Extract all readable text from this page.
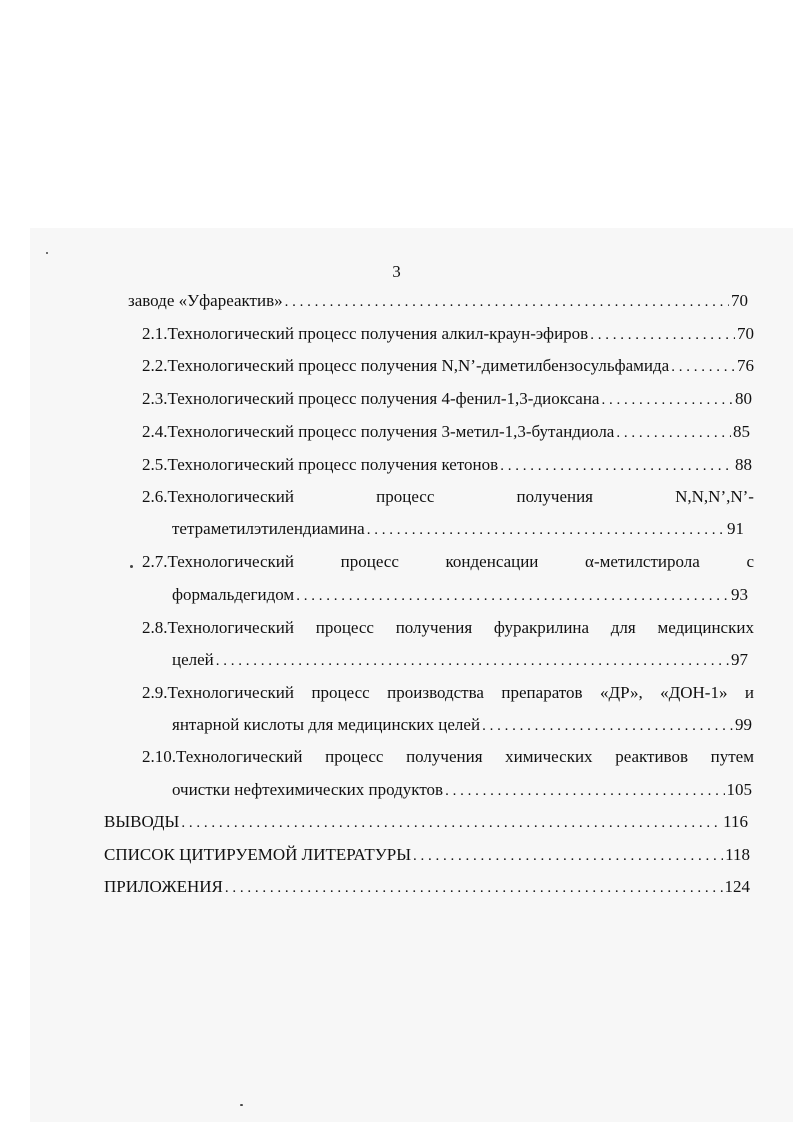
3
заводе «Уфареактив» . . .	70
2.1.Технологический процесс получения алкил-краун-эфиров . . .	70
2.2.Технологический процесс получения N,N’-диметилбензосульфамида . . .	76
2.3.Технологический процесс получения 4-фенил-1,3-диоксана . . .	80
2.4.Технологический процесс получения 3-метил-1,3-бутандиола . . .	85
2.5.Технологический процесс получения кетонов . . .	88
2.6.Технологический	процесс	получения	N,N,N’,N’-
тетраметилэтилендиамина . . .	91
2.7.Технологический	процесс	конденсации	α-метилстирола	с
формальдегидом . . .	93
2.8.Технологический процесс получения фуракрилина для медицинских
целей . . .	97
2.9.Технологический процесс производства препаратов «ДР», «ДОН-1» и
янтарной кислоты для медицинских целей . . .	99
2.10.Технологический процесс получения химических реактивов путем
очистки нефтехимических продуктов . . .	105
ВЫВОДЫ . . .	116
СПИСОК ЦИТИРУЕМОЙ ЛИТЕРАТУРЫ . . .	118
ПРИЛОЖЕНИЯ . . .	124
